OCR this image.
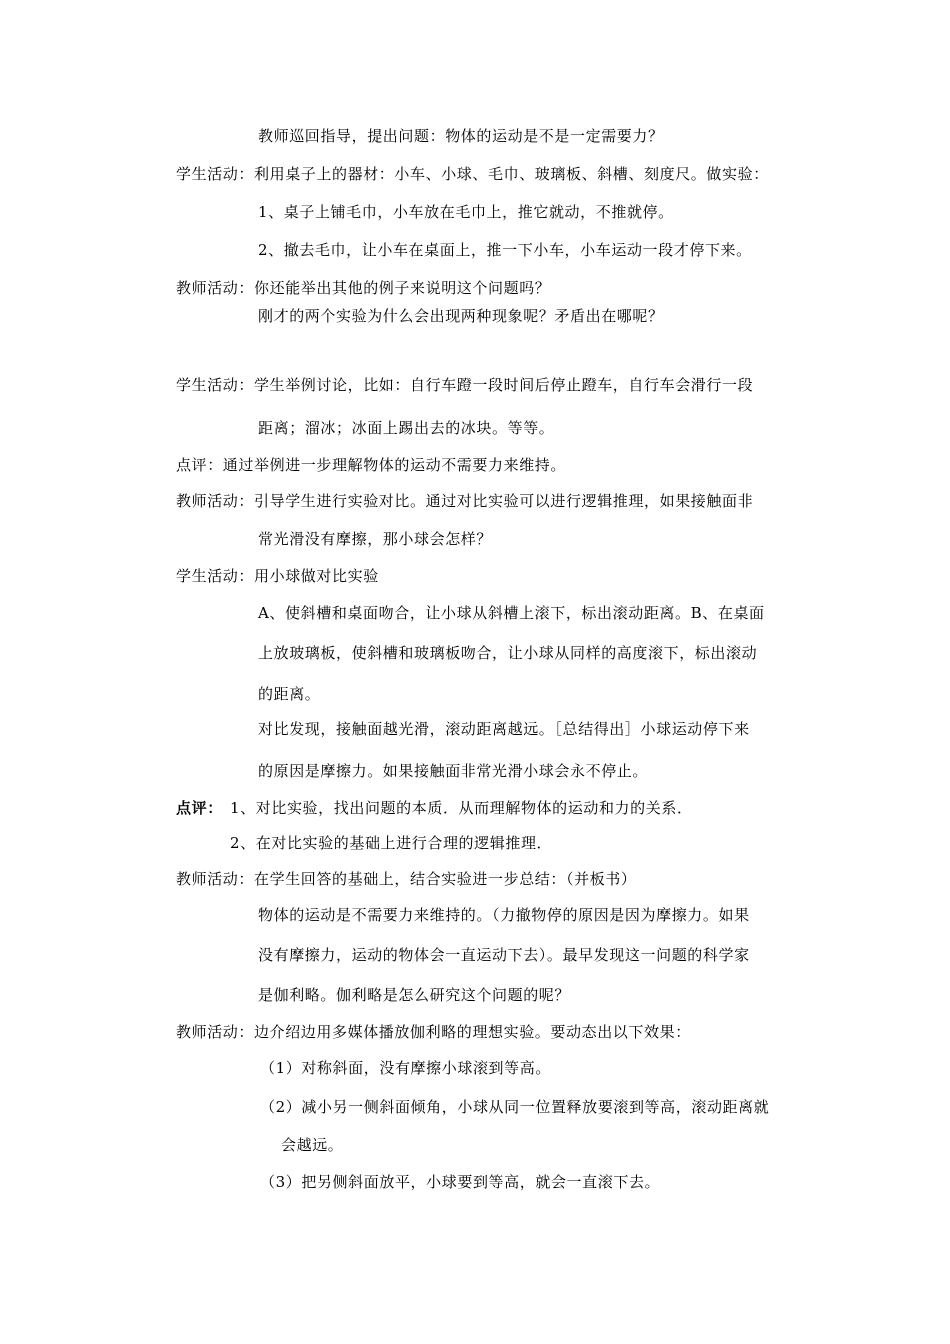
教师巡回指导，提出问题：物体的运动是不是一定需要力？
学生活动：利用桌子上的器材：小车、小球、毛巾、玻璃板、斜槽、刻度尺。做实验：
1、桌子上铺毛巾，小车放在毛巾上，推它就动，不推就停。
2、撤去毛巾，让小车在桌面上，推一下小车，小车运动一段才停下来。
教师活动：你还能举出其他的例子来说明这个问题吗？
刚才的两个实验为什么会出现两种现象呢？矛盾出在哪呢？
学生活动：学生举例讨论，比如：自行车蹬一段时间后停止蹬车，自行车会滑行一段
距离；溜冰；冰面上踢出去的冰块。等等。
点评：通过举例进一步理解物体的运动不需要力来维持。
教师活动：引导学生进行实验对比。通过对比实验可以进行逻辑推理，如果接触面非
常光滑没有摩擦，那小球会怎样？
学生活动：用小球做对比实验
A、使斜槽和桌面吻合，让小球从斜槽上滚下，标出滚动距离。B、在桌面
上放玻璃板，使斜槽和玻璃板吻合，让小球从同样的高度滚下，标出滚动
的距离。
对比发现，接触面越光滑，滚动距离越远。［总结得出］小球运动停下来
的原因是摩擦力。如果接触面非常光滑小球会永不停止。
点评： 1、对比实验，找出问题的本质．从而理解物体的运动和力的关系．
2、在对比实验的基础上进行合理的逻辑推理．
教师活动：在学生回答的基础上，结合实验进一步总结：（并板书）
物体的运动是不需要力来维持的。（力撤物停的原因是因为摩擦力。如果
没有摩擦力，运动的物体会一直运动下去）。最早发现这一问题的科学家
是伽利略。伽利略是怎么研究这个问题的呢？
教师活动：边介绍边用多媒体播放伽利略的理想实验。要动态出以下效果：
（1）对称斜面，没有摩擦小球滚到等高。
（2）减小另一侧斜面倾角，小球从同一位置释放要滚到等高，滚动距离就
会越远。
（3）把另侧斜面放平，小球要到等高，就会一直滚下去。
